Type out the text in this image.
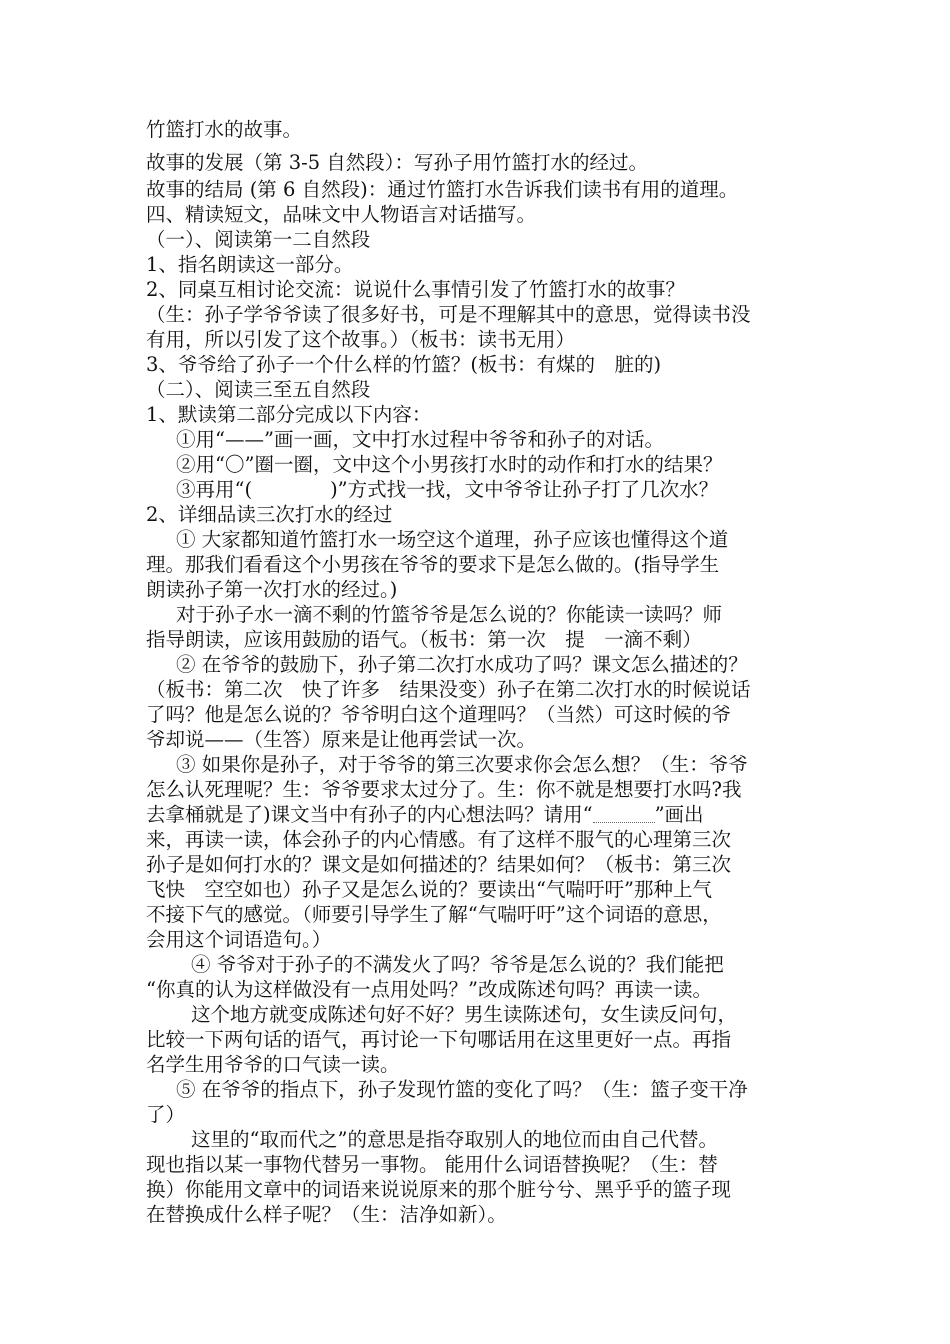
竹篮打水的故事。
故事的发展（第 3-5 自然段）：写孙子用竹篮打水的经过。
故事的结局 (第 6 自然段)：通过竹篮打水告诉我们读书有用的道理。
四、精读短文，品味文中人物语言对话描写。
（一）、阅读第一二自然段
1、指名朗读这一部分。
2、同桌互相讨论交流：说说什么事情引发了竹篮打水的故事？
（生：孙子学爷爷读了很多好书，可是不理解其中的意思，觉得读书没
有用，所以引发了这个故事。）（板书：读书无用）
3、爷爷给了孙子一个什么样的竹篮？(板书：有煤的　脏的)
（二）、阅读三至五自然段
1、默读第二部分完成以下内容：
①用“——”画一画，文中打水过程中爷爷和孙子的对话。
②用“〇”圈一圈，文中这个小男孩打水时的动作和打水的结果？
③再用“(　　　　)”方式找一找，文中爷爷让孙子打了几次水？
2、详细品读三次打水的经过
① 大家都知道竹篮打水一场空这个道理，孙子应该也懂得这个道
理。那我们看看这个小男孩在爷爷的要求下是怎么做的。(指导学生
朗读孙子第一次打水的经过。)
对于孙子水一滴不剩的竹篮爷爷是怎么说的？你能读一读吗？师
指导朗读，应该用鼓励的语气。（板书：第一次　提　一滴不剩）
② 在爷爷的鼓励下，孙子第二次打水成功了吗？课文怎么描述的？
（板书：第二次　快了许多　结果没变）孙子在第二次打水的时候说话
了吗？他是怎么说的？爷爷明白这个道理吗？（当然）可这时候的爷
爷却说——（生答）原来是让他再尝试一次。
③ 如果你是孙子，对于爷爷的第三次要求你会怎么想？（生：爷爷
怎么认死理呢？生：爷爷要求太过分了。生：你不就是想要打水吗?我
去拿桶就是了)课文当中有孙子的内心想法吗？请用“	”画出
来，再读一读，体会孙子的内心情感。有了这样不服气的心理第三次
孙子是如何打水的？课文是如何描述的？结果如何？（板书：第三次
飞快　空空如也）孙子又是怎么说的？要读出“气喘吁吁”那种上气
不接下气的感觉。（师要引导学生了解“气喘吁吁”这个词语的意思，
会用这个词语造句。）
④ 爷爷对于孙子的不满发火了吗？爷爷是怎么说的？我们能把
“你真的认为这样做没有一点用处吗？”改成陈述句吗？再读一读。
这个地方就变成陈述句好不好？男生读陈述句，女生读反问句，
比较一下两句话的语气，再讨论一下句哪话用在这里更好一点。再指
名学生用爷爷的口气读一读。
⑤ 在爷爷的指点下，孙子发现竹篮的变化了吗？（生：篮子变干净
了）
这里的“取而代之”的意思是指夺取别人的地位而由自己代替。
现也指以某一事物代替另一事物。 能用什么词语替换呢？（生：替
换）你能用文章中的词语来说说原来的那个脏兮兮、黑乎乎的篮子现
在替换成什么样子呢？（生：洁净如新）。
